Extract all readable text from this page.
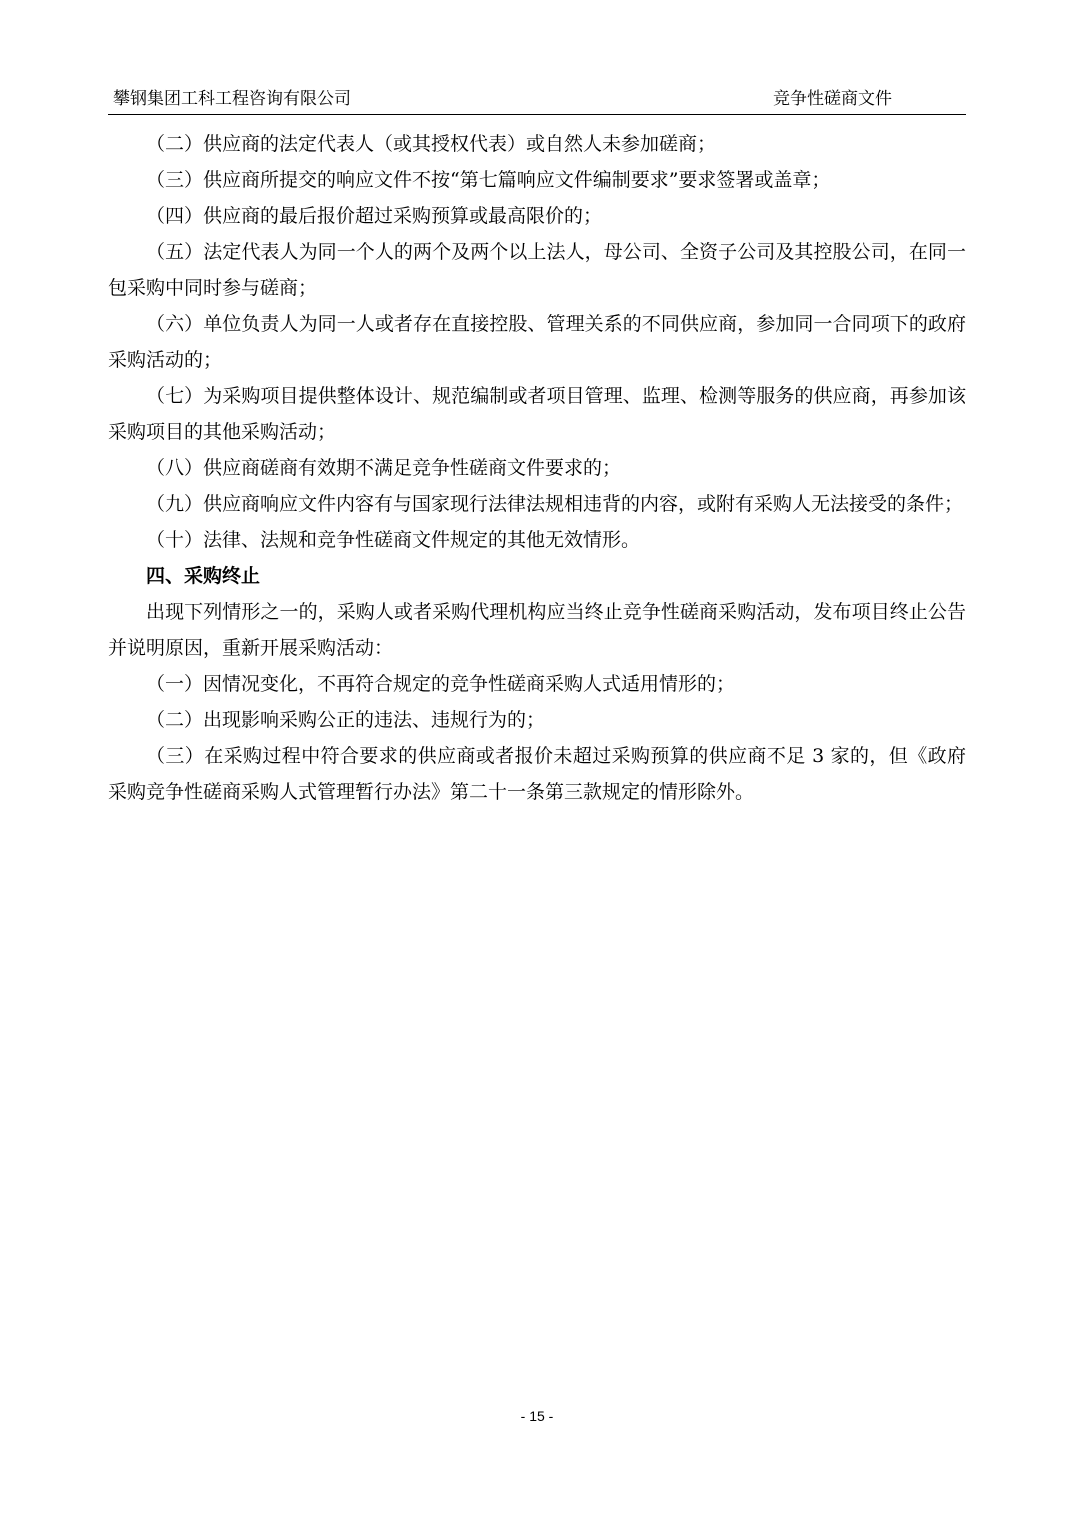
攀钢集团工科工程咨询有限公司	竞争性磋商文件

（二）供应商的法定代表人（或其授权代表）或自然人未参加磋商；

（三）供应商所提交的响应文件不按“第七篇响应文件编制要求”要求签署或盖章；

（四）供应商的最后报价超过采购预算或最高限价的；

（五）法定代表人为同一个人的两个及两个以上法人，母公司、全资子公司及其控股公司，在同一包采购中同时参与磋商；

（六）单位负责人为同一人或者存在直接控股、管理关系的不同供应商，参加同一合同项下的政府采购活动的；

（七）为采购项目提供整体设计、规范编制或者项目管理、监理、检测等服务的供应商，再参加该采购项目的其他采购活动；

（八）供应商磋商有效期不满足竞争性磋商文件要求的；

（九）供应商响应文件内容有与国家现行法律法规相违背的内容，或附有采购人无法接受的条件；

（十）法律、法规和竞争性磋商文件规定的其他无效情形。

四、采购终止

出现下列情形之一的，采购人或者采购代理机构应当终止竞争性磋商采购活动，发布项目终止公告并说明原因，重新开展采购活动：

（一）因情况变化，不再符合规定的竞争性磋商采购人式适用情形的；

（二）出现影响采购公正的违法、违规行为的；

（三）在采购过程中符合要求的供应商或者报价未超过采购预算的供应商不足 3 家的，但《政府采购竞争性磋商采购人式管理暂行办法》第二十一条第三款规定的情形除外。

- 15 -
